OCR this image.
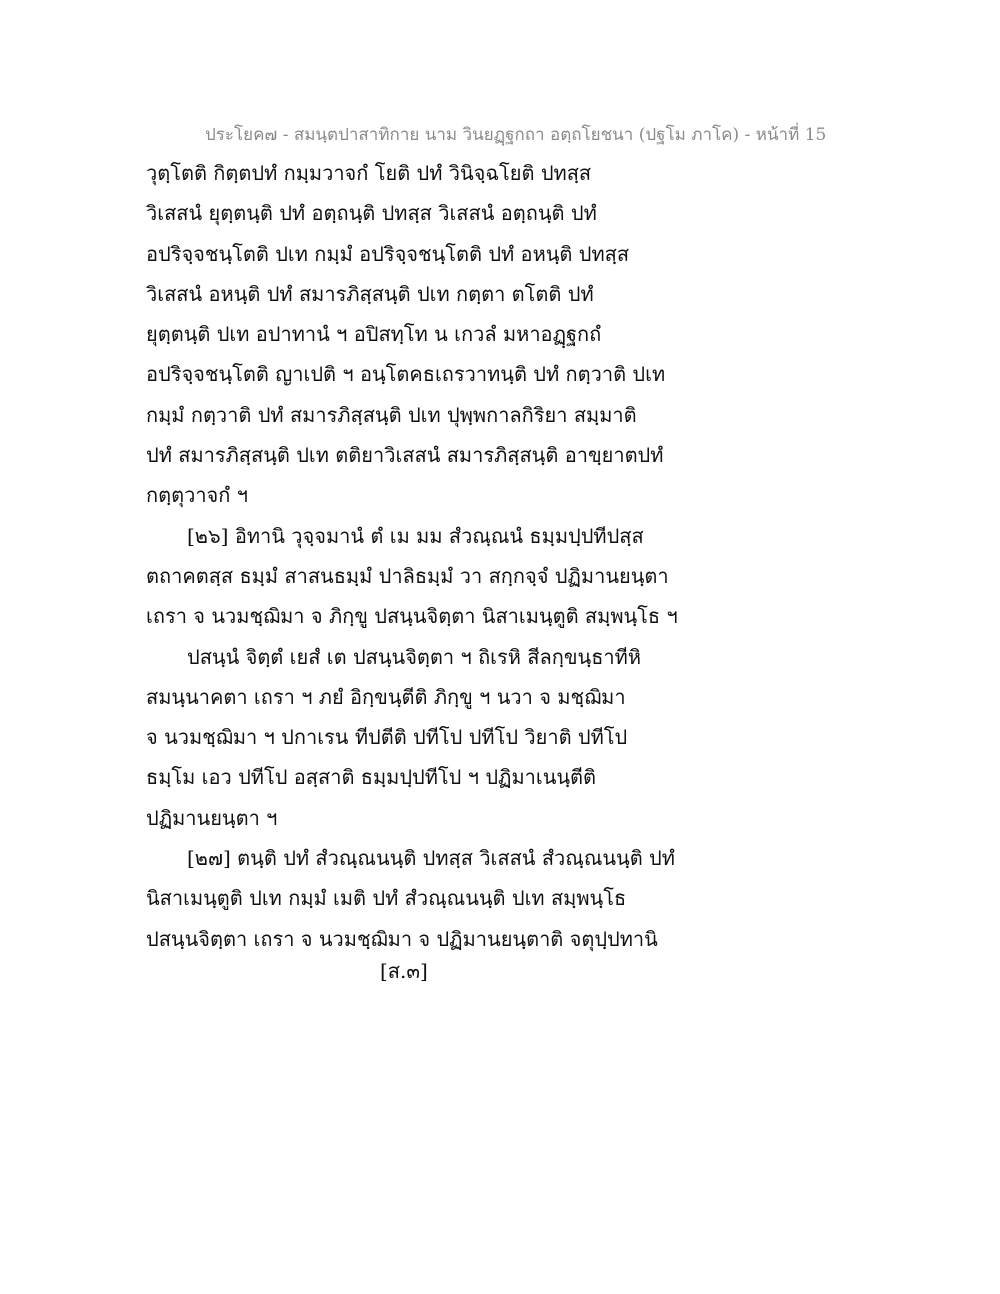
ประโยค๗ - สมนฺตปาสาทิกาย นาม วินยฏฺฐกถา อตฺถโยชนา (ปฐโม ภาโค) - หน้าที่ 15

วุตฺโตติ กิตฺตปทํ กมฺมวาจกํ โยติ ปทํ วินิจฺฉโยติ ปทสฺส

วิเสสนํ ยุตฺตนฺติ ปทํ อตฺถนฺติ ปทสฺส วิเสสนํ อตฺถนฺติ ปทํ

อปริจฺจชนฺโตติ ปเท กมฺมํ อปริจฺจชนฺโตติ ปทํ อหนฺติ ปทสฺส

วิเสสนํ อหนฺติ ปทํ สมารภิสฺสนฺติ ปเท กตฺตา ตโตติ ปทํ

ยุตฺตนฺติ ปเท อปาทานํ ฯ อปิสทฺโท น เกวลํ มหาอฏฺฐกถํ

อปริจฺจชนฺโตติ ญาเปติ ฯ อนฺโตคธเถรวาทนฺติ ปทํ กตฺวาติ ปเท

กมฺมํ กตฺวาติ ปทํ สมารภิสฺสนฺติ ปเท ปุพฺพกาลกิริยา สมฺมาติ

ปทํ สมารภิสฺสนฺติ ปเท ตติยาวิเสสนํ สมารภิสฺสนฺติ อาขฺยาตปทํ

กตฺตุวาจกํ ฯ

[๒๖] อิทานิ วุจฺจมานํ ตํ เม มม สํวณฺณนํ ธมฺมปฺปทีปสฺส

ตถาคตสฺส ธมฺมํ สาสนธมฺมํ ปาลิธมฺมํ วา สกฺกจฺจํ ปฏิมานยนฺตา

เถรา จ นวมชฺฌิมา จ ภิกฺขู ปสนฺนจิตฺตา นิสาเมนฺตูติ สมฺพนฺโธ ฯ

ปสนฺนํ จิตฺตํ เยสํ เต ปสนฺนจิตฺตา ฯ ถิเรหิ สีลกฺขนฺธาทีหิ

สมนฺนาคตา เถรา ฯ ภยํ อิกฺขนฺตีติ ภิกฺขู ฯ นวา จ มชฺฌิมา

จ นวมชฺฌิมา ฯ ปกาเรน ทีปตีติ ปทีโป ปทีโป วิยาติ ปทีโป

ธมฺโม เอว ปทีโป อสฺสาติ ธมฺมปฺปทีโป ฯ ปฏิมาเนนฺตีติ

ปฏิมานยนฺตา ฯ

[๒๗] ตนฺติ ปทํ สํวณฺณนนฺติ ปทสฺส วิเสสนํ สํวณฺณนนฺติ ปทํ

นิสาเมนฺตูติ ปเท กมฺมํ เมติ ปทํ สํวณฺณนนฺติ ปเท สมฺพนฺโธ

ปสนฺนจิตฺตา เถรา จ นวมชฺฌิมา จ ปฏิมานยนฺตาติ จตุปฺปทานิ

[ส.๓]
